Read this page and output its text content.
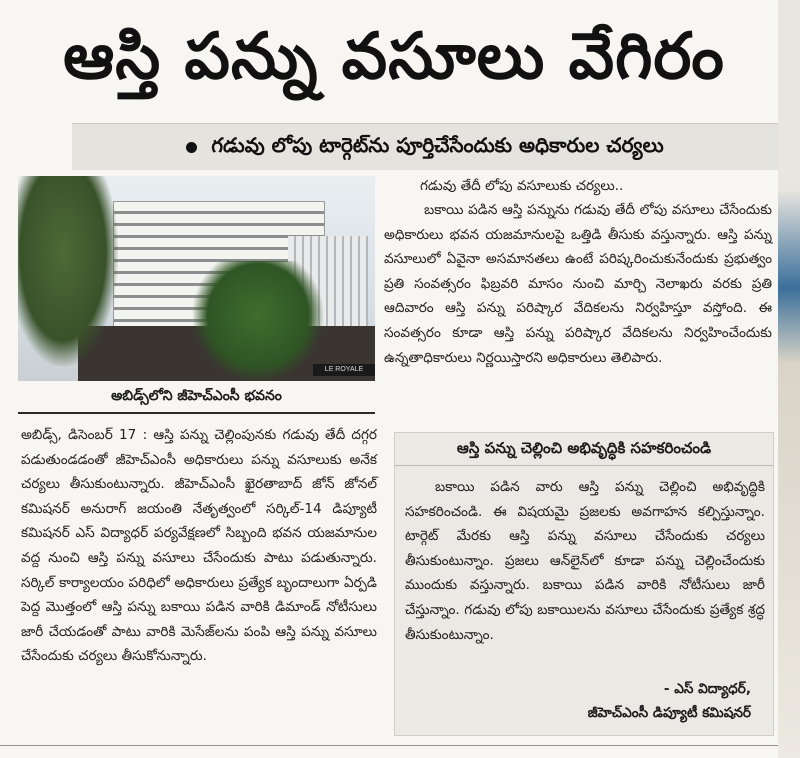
ఆస్తి పన్ను వసూలు వేగిరం
గడువు లోపు టార్గెట్‌ను పూర్తిచేసేందుకు అధికారుల చర్యలు
LE ROYALE
అబిడ్స్‌లోని జీహెచ్‌ఎంసీ భవనం
అబిడ్స్‌, డిసెంబర్‌ 17 : ఆస్తి పన్ను చెల్లింపునకు గడువు తేదీ దగ్గర పడుతుండడంతో జీహెచ్‌ఎంసీ అధికారులు పన్ను వసూలుకు అనేక చర్యలు తీసుకుంటున్నారు. జీహెచ్‌ఎంసీ ఖైరతాబాద్‌ జోన్‌ జోనల్‌ కమిషనర్‌ అనురాగ్‌ జయంతి నేతృత్వంలో సర్కిల్‌-14 డిప్యూటీ కమిషనర్‌ ఎస్‌ విద్యాధర్‌ పర్యవేక్షణలో సిబ్బంది భవన యజమానుల వద్ద నుంచి ఆస్తి పన్ను వసూలు చేసేందుకు పాటు పడుతున్నారు. సర్కిల్‌ కార్యాలయం పరిధిలో అధికారులు ప్రత్యేక బృందాలుగా ఏర్పడి పెద్ద మొత్తంలో ఆస్తి పన్ను బకాయి పడిన వారికి డిమాండ్‌ నోటీసులు జారీ చేయడంతో పాటు వారికి మెసేజ్‌లను పంపి ఆస్తి పన్ను వసూలు చేసేందుకు చర్యలు తీసుకోనున్నారు.
గడువు తేదీ లోపు వసూలుకు చర్యలు..
బకాయి పడిన ఆస్తి పన్నును గడువు తేదీ లోపు వసూలు చేసేందుకు అధికారులు భవన యజమానులపై ఒత్తిడి తీసుకు వస్తున్నారు. ఆస్తి పన్ను వసూలులో ఏవైనా అసమానతలు ఉంటే పరిష్కరించుకునేందుకు ప్రభుత్వం ప్రతి సంవత్సరం ఫిబ్రవరి మాసం నుంచి మార్చి నెలాఖరు వరకు ప్రతి ఆదివారం ఆస్తి పన్ను పరిష్కార వేదికలను నిర్వహిస్తూ వస్తోంది. ఈ సంవత్సరం కూడా ఆస్తి పన్ను పరిష్కార వేదికలను నిర్వహించేందుకు ఉన్నతాధికారులు నిర్ణయిస్తారని అధికారులు తెలిపారు.
ఆస్తి పన్ను చెల్లించి అభివృద్ధికి సహకరించండి
బకాయి పడిన వారు ఆస్తి పన్ను చెల్లించి అభివృద్ధికి సహకరించండి. ఈ విషయమై ప్రజలకు అవగాహన కల్పిస్తున్నాం. టార్గెట్‌ మేరకు ఆస్తి పన్ను వసూలు చేసేందుకు చర్యలు తీసుకుంటున్నాం. ప్రజలు ఆన్‌లైన్‌లో కూడా పన్ను చెల్లించేందుకు ముందుకు వస్తున్నారు. బకాయి పడిన వారికి నోటీసులు జారీ చేస్తున్నాం. గడువు లోపు బకాయిలను వసూలు చేసేందుకు ప్రత్యేక శ్రద్ధ తీసుకుంటున్నాం.
- ఎస్‌ విద్యాధర్‌,
జీహెచ్‌ఎంసీ డిప్యూటీ కమిషనర్‌
